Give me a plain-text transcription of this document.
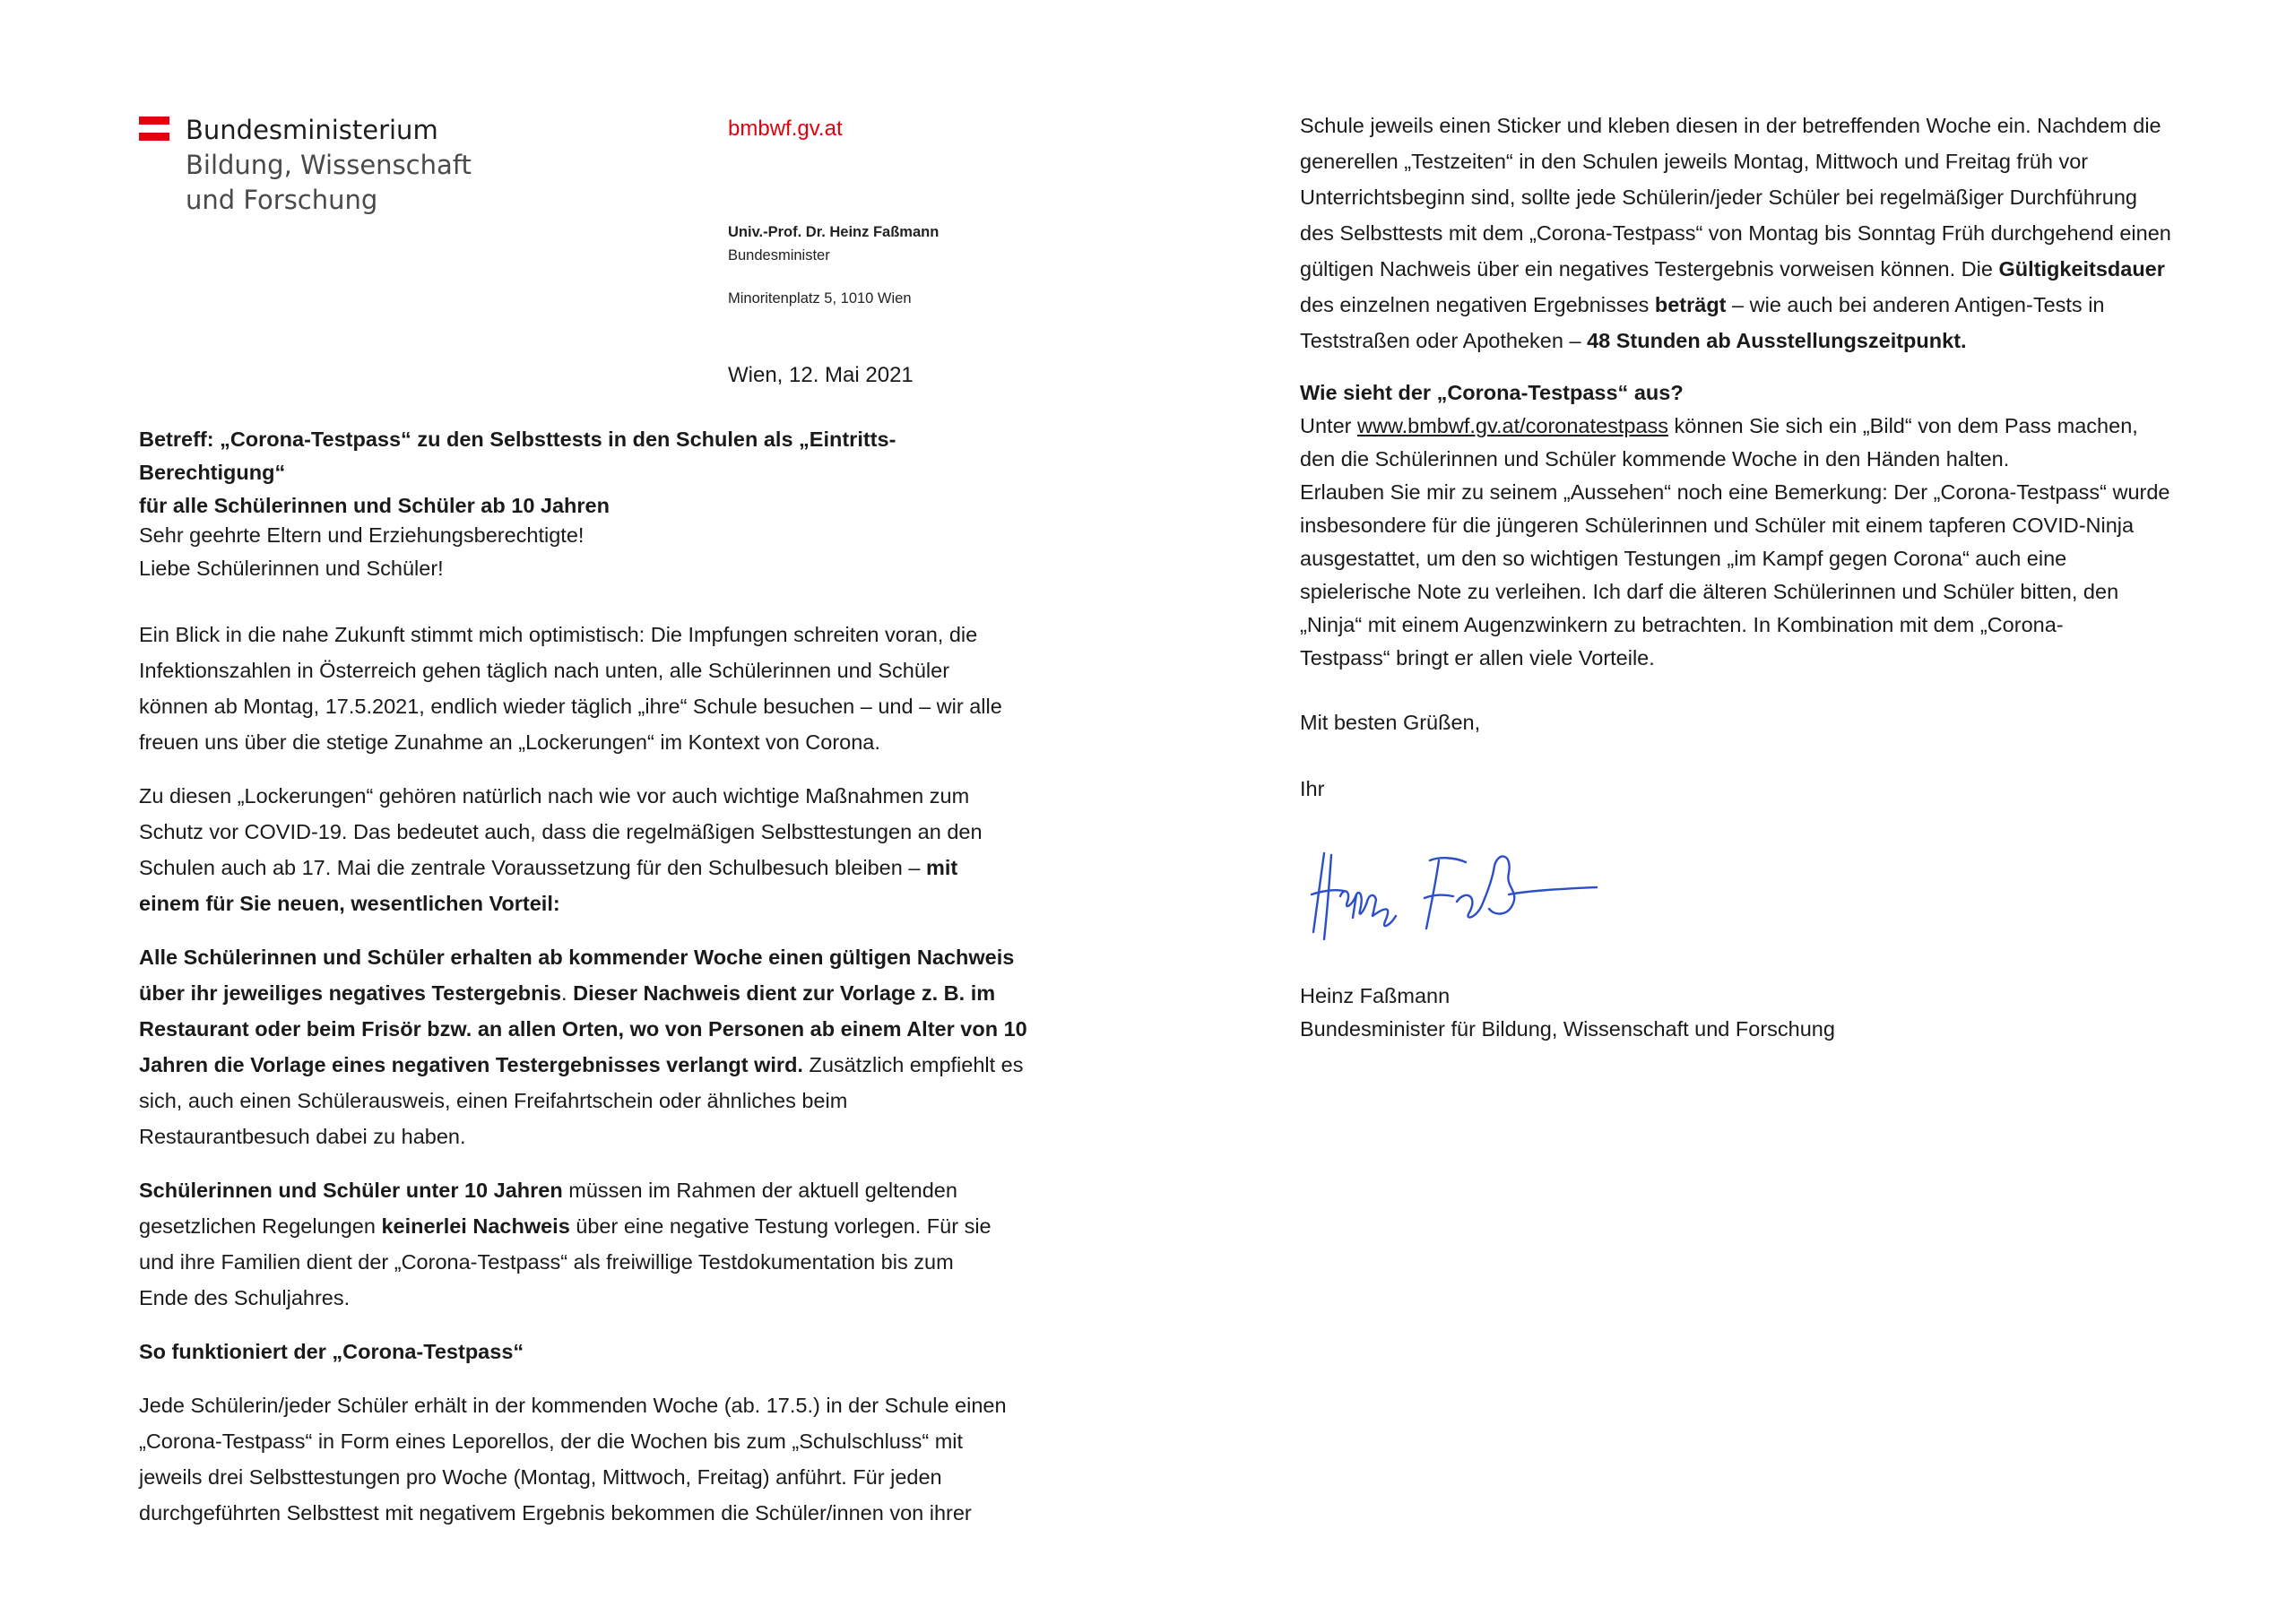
Bundesministerium
Bildung, Wissenschaft
und Forschung
bmbwf.gv.at
Univ.-Prof. Dr. Heinz Faßmann
Bundesminister
Minoritenplatz 5, 1010 Wien
Wien, 12. Mai 2021
Betreff: „Corona-Testpass“ zu den Selbsttests in den Schulen als „Eintritts-Berechtigung“
für alle Schülerinnen und Schüler ab 10 Jahren
Sehr geehrte Eltern und Erziehungsberechtigte!
Liebe Schülerinnen und Schüler!

Ein Blick in die nahe Zukunft stimmt mich optimistisch: Die Impfungen schreiten voran, die
Infektionszahlen in Österreich gehen täglich nach unten, alle Schülerinnen und Schüler
können ab Montag, 17.5.2021, endlich wieder täglich „ihre“ Schule besuchen – und – wir alle
freuen uns über die stetige Zunahme an „Lockerungen“ im Kontext von Corona.

Zu diesen „Lockerungen“ gehören natürlich nach wie vor auch wichtige Maßnahmen zum
Schutz vor COVID-19. Das bedeutet auch, dass die regelmäßigen Selbsttestungen an den
Schulen auch ab 17. Mai die zentrale Voraussetzung für den Schulbesuch bleiben – mit
einem für Sie neuen, wesentlichen Vorteil:

Alle Schülerinnen und Schüler erhalten ab kommender Woche einen gültigen Nachweis
über ihr jeweiliges negatives Testergebnis. Dieser Nachweis dient zur Vorlage z. B. im
Restaurant oder beim Frisör bzw. an allen Orten, wo von Personen ab einem Alter von 10
Jahren die Vorlage eines negativen Testergebnisses verlangt wird. Zusätzlich empfiehlt es
sich, auch einen Schülerausweis, einen Freifahrtschein oder ähnliches beim
Restaurantbesuch dabei zu haben.

Schülerinnen und Schüler unter 10 Jahren müssen im Rahmen der aktuell geltenden
gesetzlichen Regelungen keinerlei Nachweis über eine negative Testung vorlegen. Für sie
und ihre Familien dient der „Corona-Testpass“ als freiwillige Testdokumentation bis zum
Ende des Schuljahres.

So funktioniert der „Corona-Testpass“

Jede Schülerin/jeder Schüler erhält in der kommenden Woche (ab. 17.5.) in der Schule einen
„Corona-Testpass“ in Form eines Leporellos, der die Wochen bis zum „Schulschluss“ mit
jeweils drei Selbsttestungen pro Woche (Montag, Mittwoch, Freitag) anführt. Für jeden
durchgeführten Selbsttest mit negativem Ergebnis bekommen die Schüler/innen von ihrer

Schule jeweils einen Sticker und kleben diesen in der betreffenden Woche ein. Nachdem die
generellen „Testzeiten“ in den Schulen jeweils Montag, Mittwoch und Freitag früh vor
Unterrichtsbeginn sind, sollte jede Schülerin/jeder Schüler bei regelmäßiger Durchführung
des Selbsttests mit dem „Corona-Testpass“ von Montag bis Sonntag Früh durchgehend einen
gültigen Nachweis über ein negatives Testergebnis vorweisen können. Die Gültigkeitsdauer
des einzelnen negativen Ergebnisses beträgt – wie auch bei anderen Antigen-Tests in
Teststraßen oder Apotheken – 48 Stunden ab Ausstellungszeitpunkt.
Wie sieht der „Corona-Testpass“ aus?
Unter www.bmbwf.gv.at/coronatestpass können Sie sich ein „Bild“ von dem Pass machen,
den die Schülerinnen und Schüler kommende Woche in den Händen halten.
Erlauben Sie mir zu seinem „Aussehen“ noch eine Bemerkung: Der „Corona-Testpass“ wurde
insbesondere für die jüngeren Schülerinnen und Schüler mit einem tapferen COVID-Ninja
ausgestattet, um den so wichtigen Testungen „im Kampf gegen Corona“ auch eine
spielerische Note zu verleihen. Ich darf die älteren Schülerinnen und Schüler bitten, den
„Ninja“ mit einem Augenzwinkern zu betrachten. In Kombination mit dem „Corona-
Testpass“ bringt er allen viele Vorteile.
Mit besten Grüßen,
Ihr
Heinz Faßmann
Bundesminister für Bildung, Wissenschaft und Forschung
